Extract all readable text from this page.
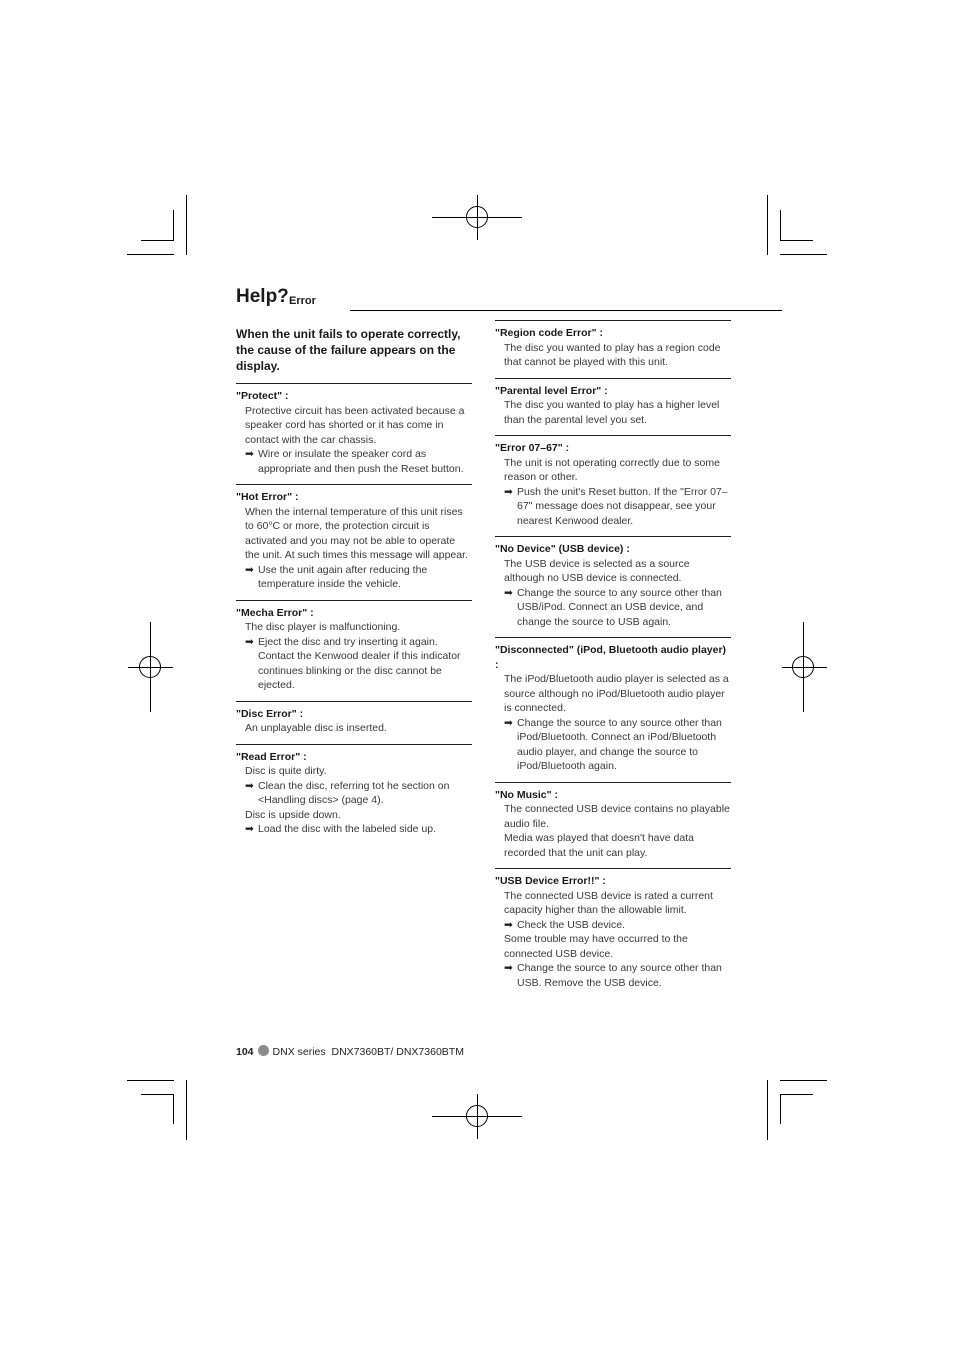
Help? Error
When the unit fails to operate correctly, the cause of the failure appears on the display.
"Protect" :
Protective circuit has been activated because a speaker cord has shorted or it has come in contact with the car chassis.
➡ Wire or insulate the speaker cord as appropriate and then push the Reset button.
"Hot Error" :
When the internal temperature of this unit rises to 60°C or more, the protection circuit is activated and you may not be able to operate the unit. At such times this message will appear.
➡ Use the unit again after reducing the temperature inside the vehicle.
"Mecha Error" :
The disc player is malfunctioning.
➡ Eject the disc and try inserting it again. Contact the Kenwood dealer if this indicator continues blinking or the disc cannot be ejected.
"Disc Error" :
An unplayable disc is inserted.
"Read Error" :
Disc is quite dirty.
➡ Clean the disc, referring tot he section on <Handling discs> (page 4).
Disc is upside down.
➡ Load the disc with the labeled side up.
"Region code Error" :
The disc you wanted to play has a region code that cannot be played with this unit.
"Parental level Error" :
The disc you wanted to play has a higher level than the parental level you set.
"Error 07–67" :
The unit is not operating correctly due to some reason or other.
➡ Push the unit's Reset button. If the "Error 07–67" message does not disappear, see your nearest Kenwood dealer.
"No Device" (USB device) :
The USB device is selected as a source although no USB device is connected.
➡ Change the source to any source other than USB/iPod. Connect an USB device, and change the source to USB again.
"Disconnected" (iPod, Bluetooth audio player) :
The iPod/Bluetooth audio player is selected as a source although no iPod/Bluetooth audio player is connected.
➡ Change the source to any source other than iPod/Bluetooth. Connect an iPod/Bluetooth audio player, and change the source to iPod/Bluetooth again.
"No Music" :
The connected USB device contains no playable audio file.
Media was played that doesn't have data recorded that the unit can play.
"USB Device Error!!" :
The connected USB device is rated a current capacity higher than the allowable limit.
➡ Check the USB device.
Some trouble may have occurred to the connected USB device.
➡ Change the source to any source other than USB. Remove the USB device.
104 DNX series DNX7360BT/ DNX7360BTM
